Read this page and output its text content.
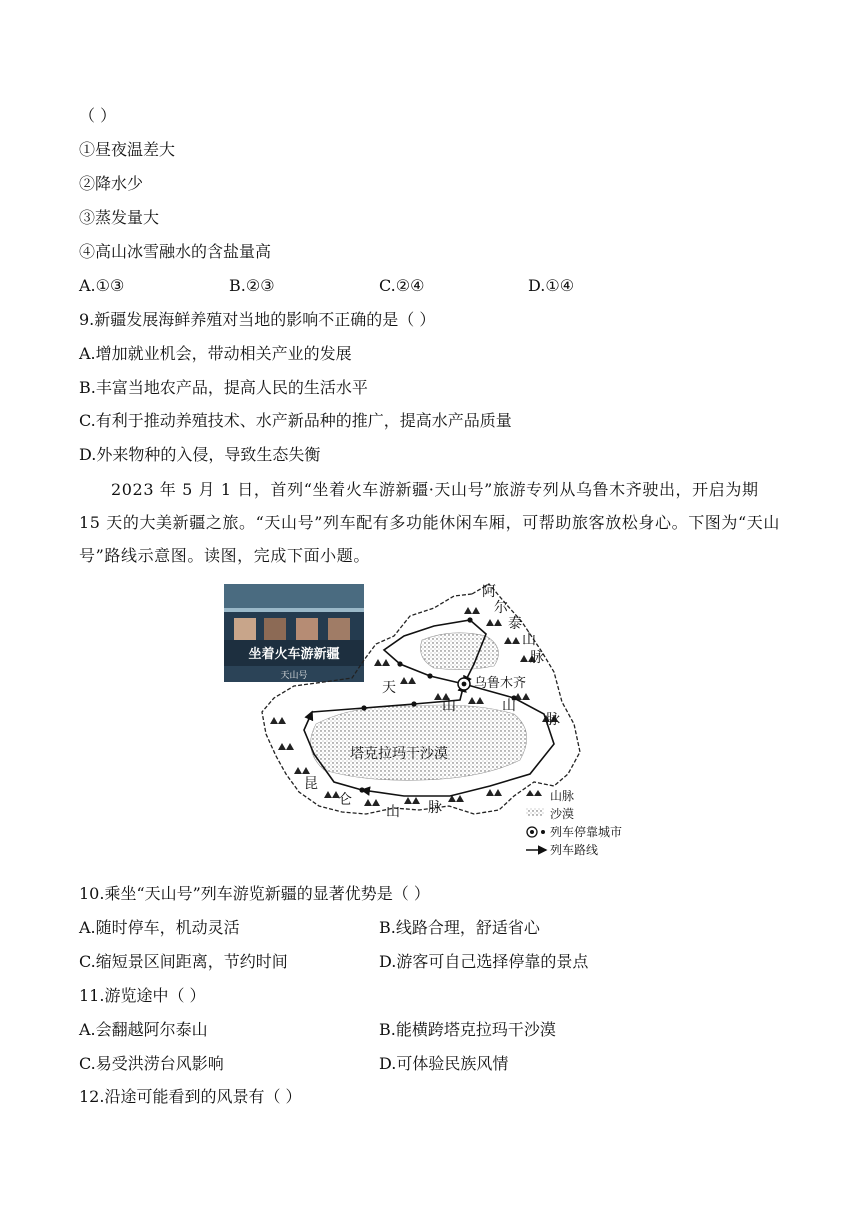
（ ）
①昼夜温差大
②降水少
③蒸发量大
④高山冰雪融水的含盐量高
A.①③	B.②③	C.②④	D.①④
9.新疆发展海鲜养殖对当地的影响不正确的是（ ）
A.增加就业机会，带动相关产业的发展
B.丰富当地农产品，提高人民的生活水平
C.有利于推动养殖技术、水产新品种的推广，提高水产品质量
D.外来物种的入侵，导致生态失衡
2023 年 5 月 1 日，首列“坐着火车游新疆·天山号”旅游专列从乌鲁木齐驶出，开启为期 15 天的大美新疆之旅。“天山号”列车配有多功能休闲车厢，可帮助旅客放松身心。下图为“天山号”路线示意图。读图，完成下面小题。
坐着火车游新疆
天山号	乌鲁木齐
阿
尔
泰
山
脉
天
山	山
脉
塔克拉玛干沙漠
昆
仑
山 脉
山脉
沙漠
列车停靠城市
列车路线
10.乘坐“天山号”列车游览新疆的显著优势是（ ）
A.随时停车，机动灵活	B.线路合理，舒适省心
C.缩短景区间距离，节约时间	D.游客可自己选择停靠的景点
11.游览途中（ ）
A.会翻越阿尔泰山	B.能横跨塔克拉玛干沙漠
C.易受洪涝台风影响	D.可体验民族风情
12.沿途可能看到的风景有（ ）
